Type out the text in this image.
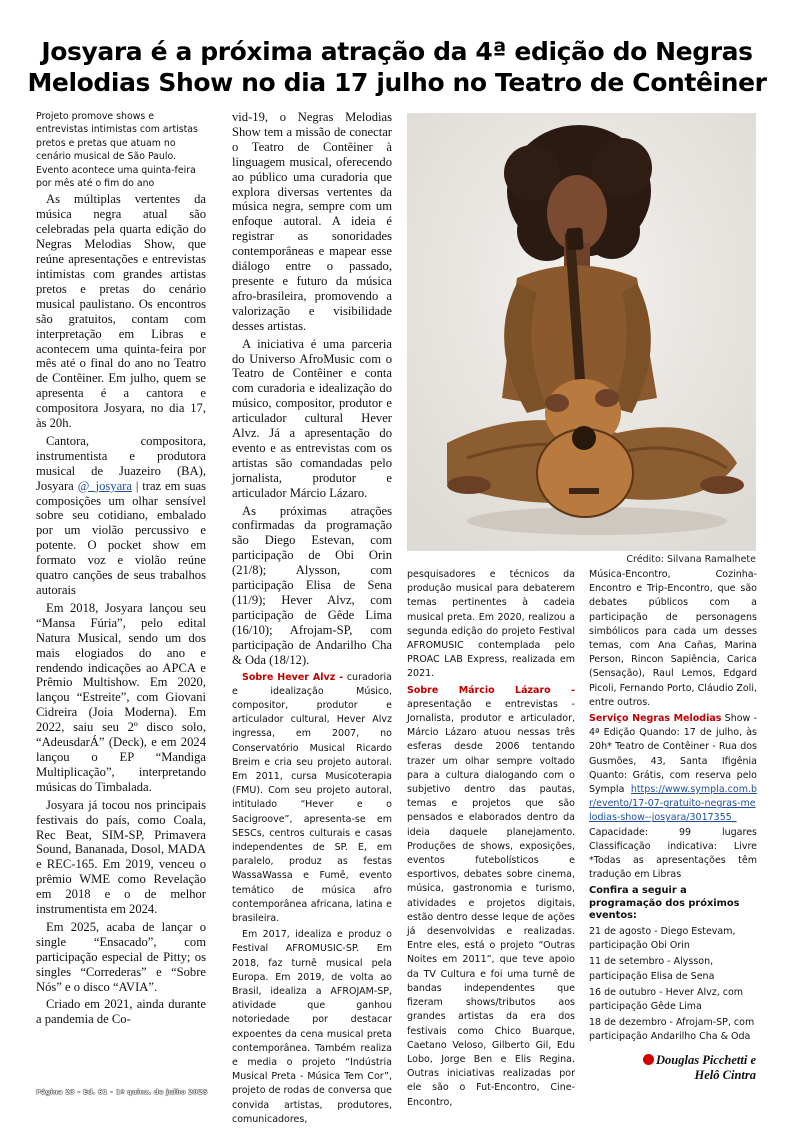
Josyara é a próxima atração da 4ª edição do Negras Melodias Show no dia 17 julho no Teatro de Contêiner

Projeto promove shows e entrevistas intimistas com artistas pretos e pretas que atuam no cenário musical de São Paulo. Evento acontece uma quinta-feira por mês até o fim do ano

As múltiplas vertentes da música negra atual são celebradas pela quarta edição do Negras Melodias Show, que reúne apresentações e entrevistas intimistas com grandes artistas pretos e pretas do cenário musical paulistano. Os encontros são gratuitos, contam com interpretação em Libras e acontecem uma quinta-feira por mês até o final do ano no Teatro de Contêiner. Em julho, quem se apresenta é a cantora e compositora Josyara, no dia 17, às 20h.

Cantora, compositora, instrumentista e produtora musical de Juazeiro (BA), Josyara @_josyara | traz em suas composições um olhar sensível sobre seu cotidiano, embalado por um violão percussivo e potente. O pocket show em formato voz e violão reúne quatro canções de seus trabalhos autorais

Em 2018, Josyara lançou seu “Mansa Fúria”, pelo edital Natura Musical, sendo um dos mais elogiados do ano e rendendo indicações ao APCA e Prêmio Multishow. Em 2020, lançou “Estreite”, com Giovani Cidreira (Joia Moderna). Em 2022, saiu seu 2º disco solo, “AdeusdarÁ” (Deck), e em 2024 lançou o EP “Mandiga Multiplicação”, interpretando músicas do Timbalada.

Josyara já tocou nos principais festivais do país, como Coala, Rec Beat, SIM-SP, Primavera Sound, Bananada, Dosol, MADA e REC-165. Em 2019, venceu o prêmio WME como Revelação em 2018 e o de melhor instrumentista em 2024.

Em 2025, acaba de lançar o single “Ensacado”, com participação especial de Pitty; os singles “Correderas” e “Sobre Nós” e o disco “AVIA”.

Criado em 2021, ainda durante a pandemia de Co-

vid-19, o Negras Melodias Show tem a missão de conectar o Teatro de Contêiner à linguagem musical, oferecendo ao público uma curadoria que explora diversas vertentes da música negra, sempre com um enfoque autoral. A ideia é registrar as sonoridades contemporâneas e mapear esse diálogo entre o passado, presente e futuro da música afro-brasileira, promovendo a valorização e visibilidade desses artistas.

A iniciativa é uma parceria do Universo AfroMusic com o Teatro de Contêiner e conta com curadoria e idealização do músico, compositor, produtor e articulador cultural Hever Alvz. Já a apresentação do evento e as entrevistas com os artistas são comandadas pelo jornalista, produtor e articulador Márcio Lázaro.

As próximas atrações confirmadas da programação são Diego Estevan, com participação de Obi Orin (21/8); Alysson, com participação Elisa de Sena (11/9); Hever Alvz, com participação de Gêde Lima (16/10); Afrojam-SP, com participação de Andarilho Cha & Oda (18/12).

Sobre Hever Alvz - curadoria e idealização Músico, compositor, produtor e articulador cultural, Hever Alvz ingressa, em 2007, no Conservatório Musical Ricardo Breim e cria seu projeto autoral. Em 2011, cursa Musicoterapia (FMU). Com seu projeto autoral, intitulado “Hever e o Sacigroove”, apresenta-se em SESCs, centros culturais e casas independentes de SP. E, em paralelo, produz as festas WassaWassa e Fumê, evento temático de música afro contemporânea africana, latina e brasileira.

Em 2017, idealiza e produz o Festival AFROMUSIC-SP. Em 2018, faz turnê musical pela Europa. Em 2019, de volta ao Brasil, idealiza a AFROJAM-SP, atividade que ganhou notoriedade por destacar expoentes da cena musical preta contemporânea. Também realiza e media o projeto “Indústria Musical Preta - Música Tem Cor”, projeto de rodas de conversa que convida artistas, produtores, comunicadores,

Crédito: Silvana Ramalhete

pesquisadores e técnicos da produção musical para debaterem temas pertinentes à cadeia musical preta. Em 2020, realizou a segunda edição do projeto Festival AFROMUSIC contemplada pelo PROAC LAB Express, realizada em 2021.

Sobre Márcio Lázaro - apresentação e entrevistas - Jornalista, produtor e articulador, Márcio Lázaro atuou nessas três esferas desde 2006 tentando trazer um olhar sempre voltado para a cultura dialogando com o subjetivo dentro das pautas, temas e projetos que são pensados e elaborados dentro da ideia daquele planejamento. Produções de shows, exposições, eventos futebolísticos e esportivos, debates sobre cinema, música, gastronomia e turismo, atividades e projetos digitais, estão dentro desse leque de ações já desenvolvidas e realizadas. Entre eles, está o projeto “Outras Noites em 2011”, que teve apoio da TV Cultura e foi uma turnê de bandas independentes que fizeram shows/tributos aos grandes artistas da era dos festivais como Chico Buarque, Caetano Veloso, Gilberto Gil, Edu Lobo, Jorge Ben e Elis Regina. Outras iniciativas realizadas por ele são o Fut-Encontro, Cine-Encontro,

Música-Encontro, Cozinha-Encontro e Trip-Encontro, que são debates públicos com a participação de personagens simbólicos para cada um desses temas, com Ana Cañas, Marina Person, Rincon Sapiência, Carica (Sensação), Raul Lemos, Edgard Picoli, Fernando Porto, Cláudio Zoli, entre outros.

Serviço Negras Melodias Show - 4ª Edição Quando: 17 de julho, às 20h* Teatro de Contêiner - Rua dos Gusmões, 43, Santa Ifigênia Quanto: Grátis, com reserva pelo Sympla https://www.sympla.com.br/evento/17-07-gratuito-negras-melodias-show--josyara/3017355_ Capacidade: 99 lugares Classificação indicativa: Livre *Todas as apresentações têm tradução em Libras

Confira a seguir a programação dos próximos eventos:

21 de agosto - Diego Estevam, participação Obi Orin

11 de setembro - Alysson, participação Elisa de Sena

16 de outubro - Hever Alvz, com participação Gêde Lima

18 de dezembro - Afrojam-SP, com participação Andarilho Cha & Oda

Douglas Picchetti e
Helô Cintra
Página 23 - Ed. 61 - 1ª quinz. de julho 2025
